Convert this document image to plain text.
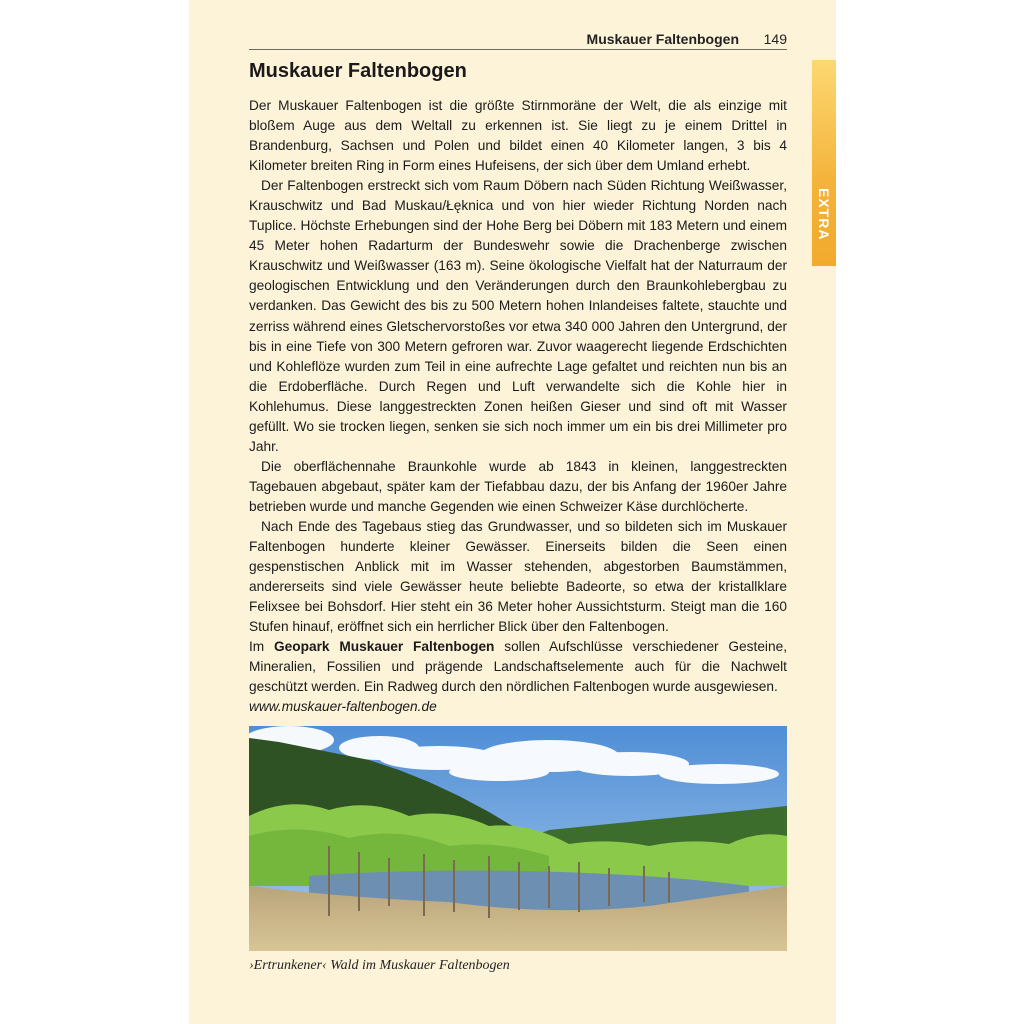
Muskauer Faltenbogen 149
EXTRA
Muskauer Faltenbogen

Der Muskauer Faltenbogen ist die größte Stirnmoräne der Welt, die als einzige mit bloßem Auge aus dem Weltall zu erkennen ist. Sie liegt zu je einem Drittel in Brandenburg, Sachsen und Polen und bildet einen 40 Kilometer langen, 3 bis 4 Kilometer breiten Ring in Form eines Hufeisens, der sich über dem Umland erhebt.

Der Faltenbogen erstreckt sich vom Raum Döbern nach Süden Richtung Weißwasser, Krauschwitz und Bad Muskau/Łęknica und von hier wieder Richtung Norden nach Tuplice. Höchste Erhebungen sind der Hohe Berg bei Döbern mit 183 Metern und einem 45 Meter hohen Radarturm der Bundeswehr sowie die Drachenberge zwischen Krauschwitz und Weißwasser (163 m). Seine ökologische Vielfalt hat der Naturraum der geologischen Entwicklung und den Veränderungen durch den Braunkohlebergbau zu verdanken. Das Gewicht des bis zu 500 Metern hohen Inlandeises faltete, stauchte und zerriss während eines Gletschervorstoßes vor etwa 340 000 Jahren den Untergrund, der bis in eine Tiefe von 300 Metern gefroren war. Zuvor waagerecht liegende Erdschichten und Kohleflöze wurden zum Teil in eine aufrechte Lage gefaltet und reichten nun bis an die Erdoberfläche. Durch Regen und Luft verwandelte sich die Kohle hier in Kohlehumus. Diese langgestreckten Zonen heißen Gieser und sind oft mit Wasser gefüllt. Wo sie trocken liegen, senken sie sich noch immer um ein bis drei Millimeter pro Jahr.

Die oberflächennahe Braunkohle wurde ab 1843 in kleinen, langgestreckten Tagebauen abgebaut, später kam der Tiefabbau dazu, der bis Anfang der 1960er Jahre betrieben wurde und manche Gegenden wie einen Schweizer Käse durchlöcherte.

Nach Ende des Tagebaus stieg das Grundwasser, und so bildeten sich im Muskauer Faltenbogen hunderte kleiner Gewässer. Einerseits bilden die Seen einen gespenstischen Anblick mit im Wasser stehenden, abgestorben Baumstämmen, andererseits sind viele Gewässer heute beliebte Badeorte, so etwa der kristallklare Felixsee bei Bohsdorf. Hier steht ein 36 Meter hoher Aussichtsturm. Steigt man die 160 Stufen hinauf, eröffnet sich ein herrlicher Blick über den Faltenbogen.

Im Geopark Muskauer Faltenbogen sollen Aufschlüsse verschiedener Gesteine, Mineralien, Fossilien und prägende Landschaftselemente auch für die Nachwelt geschützt werden. Ein Radweg durch den nördlichen Faltenbogen wurde ausgewiesen.

www.muskauer-faltenbogen.de

›Ertrunkener‹ Wald im Muskauer Faltenbogen
